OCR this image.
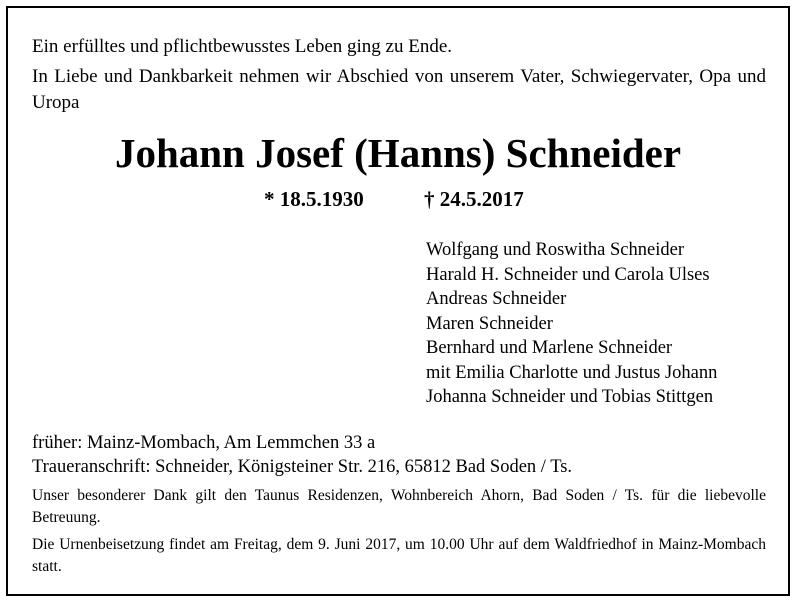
Ein erfülltes und pflichtbewusstes Leben ging zu Ende.
In Liebe und Dankbarkeit nehmen wir Abschied von unserem Vater, Schwiegervater, Opa und Uropa
Johann Josef (Hanns) Schneider
* 18.5.1930	† 24.5.2017
Wolfgang und Roswitha Schneider
Harald H. Schneider und Carola Ulses
Andreas Schneider
Maren Schneider
Bernhard und Marlene Schneider
mit Emilia Charlotte und Justus Johann
Johanna Schneider und Tobias Stittgen
früher: Mainz-Mombach, Am Lemmchen 33 a
Traueranschrift: Schneider, Königsteiner Str. 216, 65812 Bad Soden / Ts.
Unser besonderer Dank gilt den Taunus Residenzen, Wohnbereich Ahorn, Bad Soden / Ts. für die liebevolle Betreuung.
Die Urnenbeisetzung findet am Freitag, dem 9. Juni 2017, um 10.00 Uhr auf dem Waldfriedhof in Mainz-Mombach statt.
